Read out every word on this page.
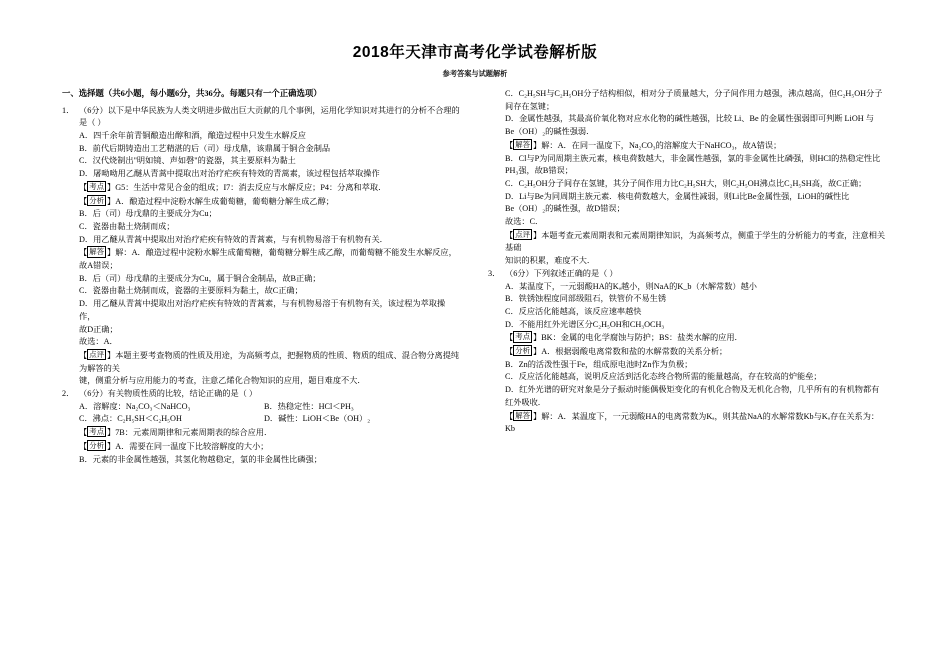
2018年天津市高考化学试卷解析版
参考答案与试题解析
一、选择题（共6小题，每小题6分，共36分。每题只有一个正确选项）
1． （6分）以下是中华民族为人类文明进步做出巨大贡献的几个事例，运用化学知识对其进行的分析不合理的
是（ ）
A．四千余年前青铜酿造出醇和酒，酿造过程中只发生水解反应
B．前代后期铸造出工艺精湛的后（司）母戊鼎，该鼎属于铜合金制品
C．汉代烧制出"明如镜、声如磬"的瓷器，其主要原料为黏土
D．屠呦呦用乙醚从青蒿中提取出对治疗疟疾有特效的青蒿素，该过程包括萃取操作
【 考点 】G5：生活中常见合金的组成；I7：消去反应与水解反应；P4：分离和萃取．
【 分析 】A．酿造过程中淀粉水解生成葡萄糖，葡萄糖分解生成乙醇；
B．后（司）母戊鼎的主要成分为Cu；
C．瓷器由黏土烧制而成；
D．用乙醚从青蒿中提取出对治疗疟疾有特效的青蒿素，与有机物易溶于有机物有关．
【 解答 】解：A．酿造过程中淀粉水解生成葡萄糖，葡萄糖分解生成乙醇，而葡萄糖不能发生水解反应，故A错误；
B．后（司）母戊鼎的主要成分为Cu，属于铜合金制品，故B正确；
C．瓷器由黏土烧制而成，瓷器的主要原料为黏土，故C正确；
D．用乙醚从青蒿中提取出对治疗疟疾有特效的青蒿素，与有机物易溶于有机物有关，该过程为萃取操作，
故D正确；
故选：A．
【 点评 】本题主要考查物质的性质及用途，为高频考点，把握物质的性质、物质的组成、混合物分离提纯为解答的关
键，侧重分析与应用能力的考查，注意乙烯化合物知识的应用，题目难度不大．
2． （6分）有关物质性质的比较，结论正确的是（ ）
A．溶解度：Na₂CO₃＜NaHCO₃	B．热稳定性：HCl＜PH₃
C．沸点：C₂H₅SH＜C₂H₅OH	D．碱性：LiOH＜Be（OH）₂
【 考点 】7B：元素周期律和元素周期表的综合应用．
【 分析 】A．需要在同一温度下比较溶解度的大小；
B．元素的非金属性越强，其氢化物越稳定，氯的非金属性比磷强；
C．C₂H₅SH与C₂H₅OH分子结构相似，相对分子质量越大，分子间作用力越强，沸点越高，但C₂H₅OH分子
间存在氢键；
D．金属性越强，其最高价氧化物对应水化物的碱性越强，比较 Li、Be 的金属性强弱即可判断 LiOH 与
Be（OH）₂的碱性强弱．
【 解答 】解：A．在同一温度下，Na₂CO₃的溶解度大于NaHCO₃，故A错误；
B．Cl与P为同周期主族元素，核电荷数越大，非金属性越强，氯的非金属性比磷强，则HCl的热稳定性比
PH₃强，故B错误；
C．C₂H₅OH分子间存在氢键，其分子间作用力比C₂H₅SH大，则C₂H₅OH沸点比C₂H₅SH高，故C正确；
D．Li与Be为同周期主族元素．核电荷数越大，金属性减弱，则Li比Be金属性强，LiOH的碱性比
Be（OH）₂的碱性强，故D错误；
故选：C．
【 点评 】本题考查元素周期表和元素周期律知识，为高频考点，侧重于学生的分析能力的考查，注意相关基础
知识的积累，难度不大．
3． （6分）下列叙述正确的是（ ）
A．某温度下，一元弱酸HA的Kₐ越小，则NaA的K_b（水解常数）越小
B．铁锈蚀程度同部级阻石，铁管价不易生锈
C．反应活化能越高，该反应速率越快
D．不能用红外光谱区分C₂H₅OH和CH₃OCH₃
【 考点 】BK：金属的电化学腐蚀与防护；BS：盐类水解的应用．
【 分析 】A．根据弱酸电离常数和盐的水解常数的关系分析；
B．Zn的活泼性强于Fe，组成原电池时Zn作为负极；
C．反应活化能越高，说明反应活到活化态终合物所需的能量越高，存在较高的炉能垒；
D．红外光谱的研究对象是分子振动时能偶极矩变化的有机化合物及无机化合物，几乎所有的有机物都有
红外吸收．
【 解答 】解：A．某温度下，一元弱酸HA的电离常数为Kₐ，则其盐NaA的水解常数Kb与Kₐ存在关系为：Kb
